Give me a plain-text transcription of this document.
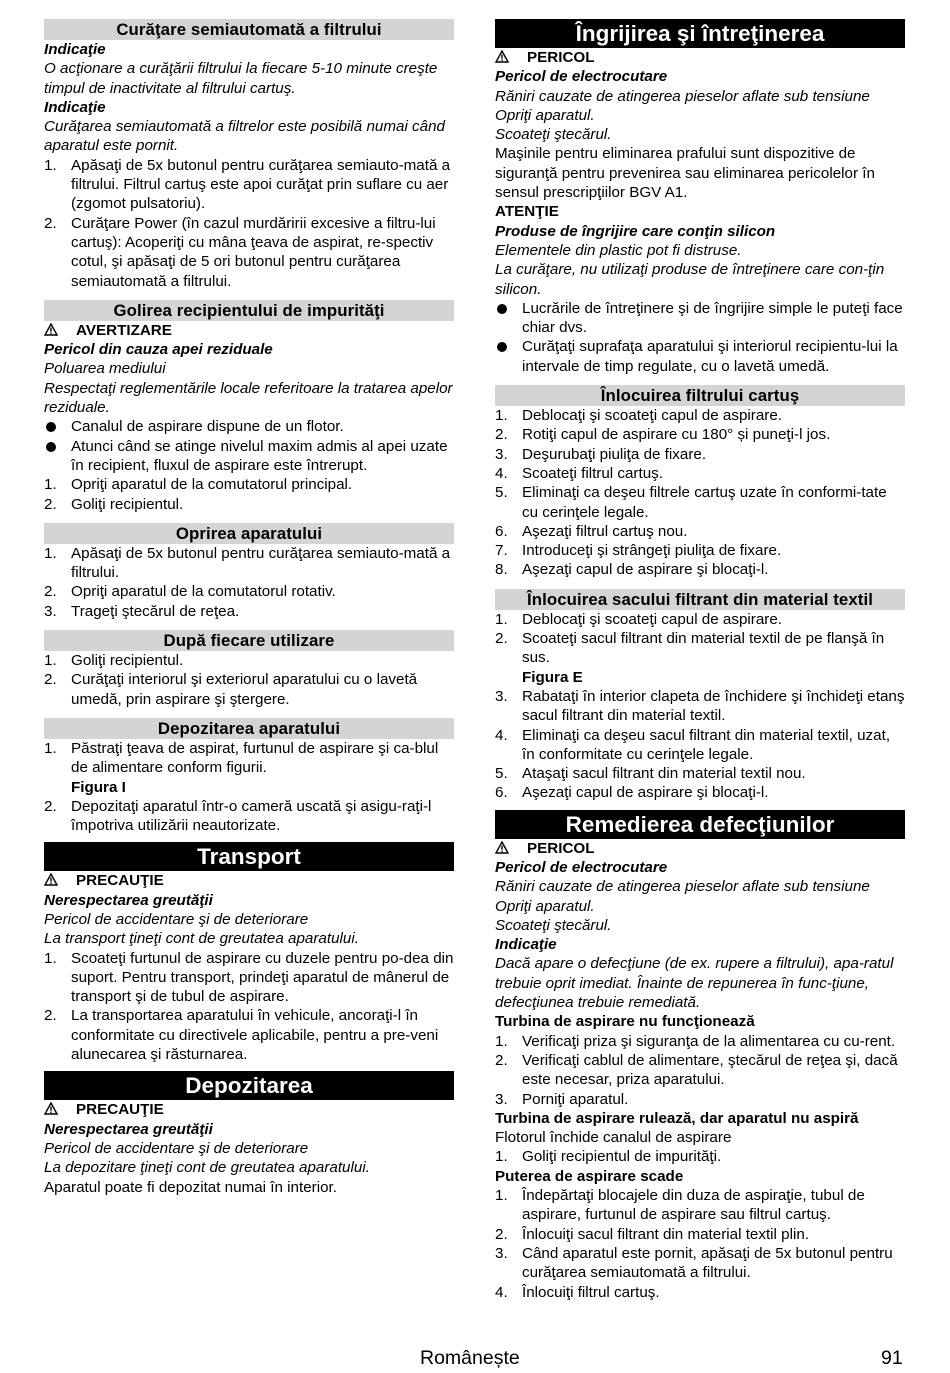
Curăţare semiautomată a filtrului
Indicaţie
O acţionare a curăţării filtrului la fiecare 5-10 minute creşte timpul de inactivitate al filtrului cartuş.
Indicaţie
Curăţarea semiautomată a filtrelor este posibilă numai când aparatul este pornit.
1. Apăsaţi de 5x butonul pentru curăţarea semiauto-mată a filtrului. Filtrul cartuş este apoi curăţat prin suflare cu aer (zgomot pulsatoriu).
2. Curăţare Power (în cazul murdăririi excesive a filtru-lui cartuş): Acoperiţi cu mâna ţeava de aspirat, re-spectiv cotul, şi apăsaţi de 5 ori butonul pentru curăţarea semiautomată a filtrului.
Golirea recipientului de impurităţi
AVERTIZARE
Pericol din cauza apei reziduale
Poluarea mediului
Respectaţi reglementările locale referitoare la tratarea apelor reziduale.
Canalul de aspirare dispune de un flotor.
Atunci când se atinge nivelul maxim admis al apei uzate în recipient, fluxul de aspirare este întrerupt.
1. Opriţi aparatul de la comutatorul principal.
2. Goliţi recipientul.
Oprirea aparatului
1. Apăsaţi de 5x butonul pentru curăţarea semiauto-mată a filtrului.
2. Opriţi aparatul de la comutatorul rotativ.
3. Trageţi ştecărul de reţea.
După fiecare utilizare
1. Goliţi recipientul.
2. Curăţaţi interiorul şi exteriorul aparatului cu o lavetă umedă, prin aspirare şi ştergere.
Depozitarea aparatului
1. Păstraţi ţeava de aspirat, furtunul de aspirare şi ca-blul de alimentare conform figurii.
Figura I
2. Depozitaţi aparatul într-o cameră uscată şi asigu-raţi-l împotriva utilizării neautorizate.
Transport
PRECAUŢIE
Nerespectarea greutăţii
Pericol de accidentare şi de deteriorare
La transport ţineţi cont de greutatea aparatului.
1. Scoateţi furtunul de aspirare cu duzele pentru po-dea din suport. Pentru transport, prindeţi aparatul de mânerul de transport şi de tubul de aspirare.
2. La transportarea aparatului în vehicule, ancoraţi-l în conformitate cu directivele aplicabile, pentru a pre-veni alunecarea şi răsturnarea.
Depozitarea
PRECAUŢIE
Nerespectarea greutăţii
Pericol de accidentare şi de deteriorare
La depozitare ţineţi cont de greutatea aparatului.
Aparatul poate fi depozitat numai în interior.
Îngrijirea şi întreţinerea
PERICOL
Pericol de electrocutare
Răniri cauzate de atingerea pieselor aflate sub tensiune
Opriţi aparatul.
Scoateţi ştecărul.
Maşinile pentru eliminarea prafului sunt dispozitive de siguranţă pentru prevenirea sau eliminarea pericolelor în sensul prescripţiilor BGV A1.
ATENŢIE
Produse de îngrijire care conţin silicon
Elementele din plastic pot fi distruse.
La curăţare, nu utilizaţi produse de întreţinere care con-ţin silicon.
Lucrările de întreţinere şi de îngrijire simple le puteţi face chiar dvs.
Curăţaţi suprafaţa aparatului şi interiorul recipientu-lui la intervale de timp regulate, cu o lavetă umedă.
Înlocuirea filtrului cartuş
1. Deblocaţi şi scoateţi capul de aspirare.
2. Rotiţi capul de aspirare cu 180° și puneţi-l jos.
3. Deşurubaţi piuliţa de fixare.
4. Scoateţi filtrul cartuş.
5. Eliminaţi ca deşeu filtrele cartuş uzate în conformi-tate cu cerinţele legale.
6. Aşezaţi filtrul cartuş nou.
7. Introduceţi şi strângeţi piuliţa de fixare.
8. Aşezaţi capul de aspirare şi blocaţi-l.
Înlocuirea sacului filtrant din material textil
1. Deblocaţi şi scoateţi capul de aspirare.
2. Scoateţi sacul filtrant din material textil de pe flanşă în sus.
Figura E
3. Rabataţi în interior clapeta de închidere şi închideţi etanş sacul filtrant din material textil.
4. Eliminaţi ca deşeu sacul filtrant din material textil, uzat, în conformitate cu cerinţele legale.
5. Ataşaţi sacul filtrant din material textil nou.
6. Aşezaţi capul de aspirare şi blocaţi-l.
Remedierea defecţiunilor
PERICOL
Pericol de electrocutare
Răniri cauzate de atingerea pieselor aflate sub tensiune
Opriţi aparatul.
Scoateţi ştecărul.
Indicaţie
Dacă apare o defecţiune (de ex. rupere a filtrului), apa-ratul trebuie oprit imediat. Înainte de repunerea în func-ţiune, defecţiunea trebuie remediată.
Turbina de aspirare nu funcţionează
1. Verificaţi priza şi siguranţa de la alimentarea cu cu-rent.
2. Verificaţi cablul de alimentare, ştecărul de reţea şi, dacă este necesar, priza aparatului.
3. Porniţi aparatul.
Turbina de aspirare rulează, dar aparatul nu aspiră
Flotorul închide canalul de aspirare
1. Goliţi recipientul de impurităţi.
Puterea de aspirare scade
1. Îndepărtaţi blocajele din duza de aspiraţie, tubul de aspirare, furtunul de aspirare sau filtrul cartuş.
2. Înlocuiţi sacul filtrant din material textil plin.
3. Când aparatul este pornit, apăsaţi de 5x butonul pentru curăţarea semiautomată a filtrului.
4. Înlocuiţi filtrul cartuş.
Românește	91
